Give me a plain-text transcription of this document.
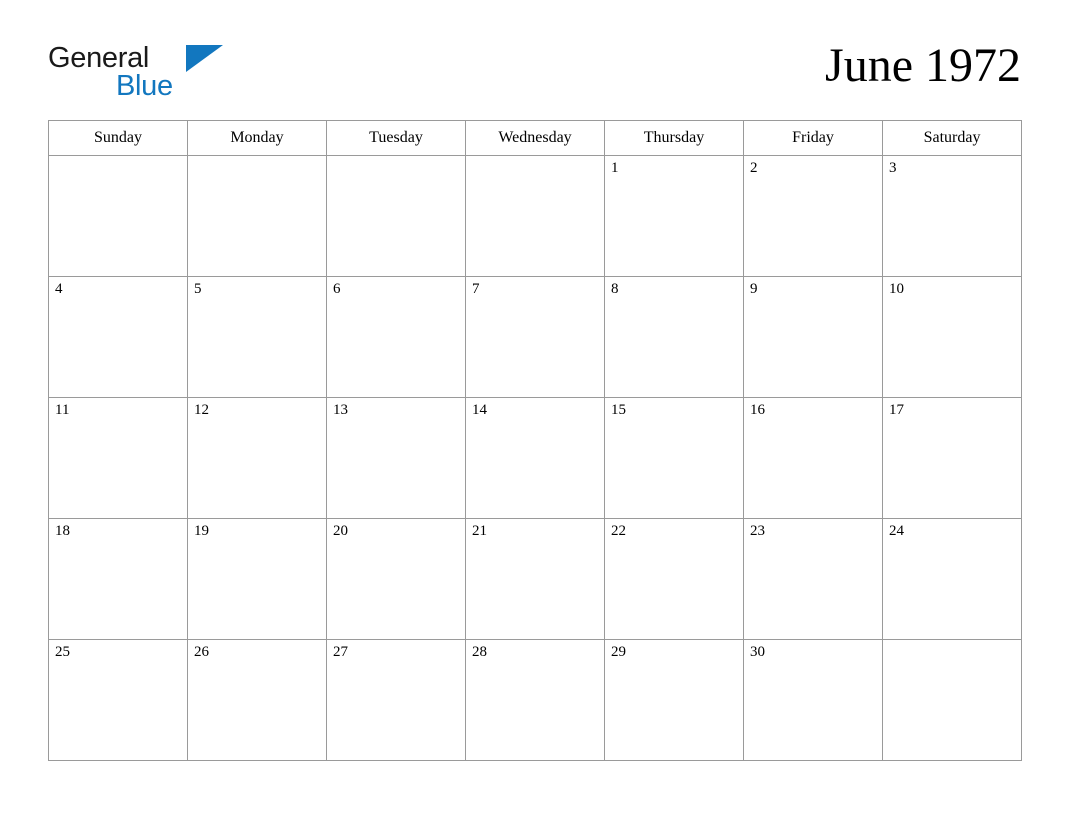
General
Blue	June 1972
Sunday	Monday	Tuesday	Wednesday	Thursday	Friday	Saturday

				1	2	3

4	5	6	7	8	9	10

11	12	13	14	15	16	17

18	19	20	21	22	23	24

25	26	27	28	29	30	
